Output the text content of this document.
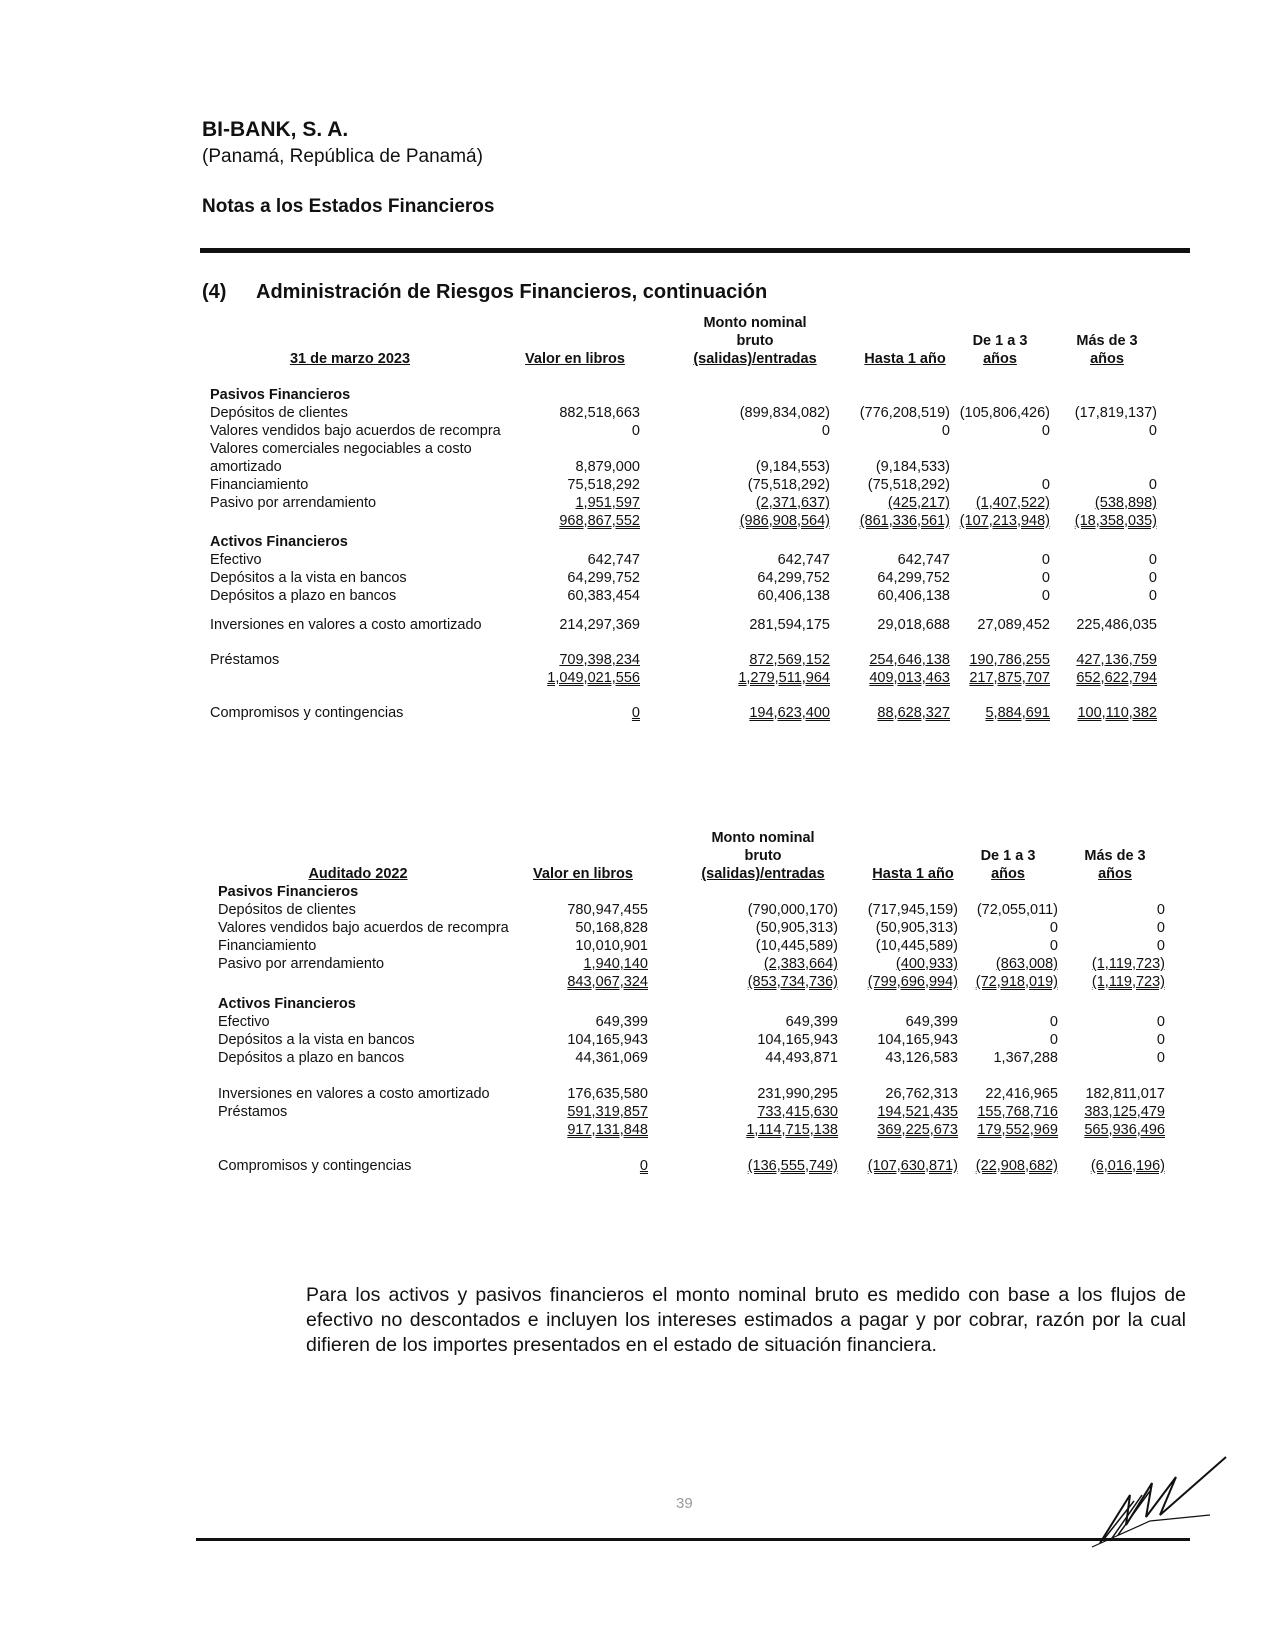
BI-BANK, S. A.
(Panamá, República de Panamá)
Notas a los Estados Financieros
(4) Administración de Riesgos Financieros, continuación
31 de marzo 2023	Valor en libros
Monto nominal
bruto
(salidas)/entradas	Hasta 1 año
De 1 a 3
años
Más de 3
años
Pasivos Financieros
Depósitos de clientes	882,518,663	(899,834,082)	(776,208,519) (105,806,426)	(17,819,137)
Valores vendidos bajo acuerdos de recompra	0	0	0	0	0
Valores comerciales negociables a costo
amortizado	8,879,000	(9,184,553)	(9,184,533)
Financiamiento	75,518,292	(75,518,292)	(75,518,292)	0	0
Pasivo por arrendamiento	1,951,597	(2,371,637)	(425,217)	(1,407,522)	(538,898)
968,867,552	(986,908,564)	(861,336,561) (107,213,948)	(18,358,035)
Activos Financieros
Efectivo	642,747	642,747	642,747	0	0
Depósitos a la vista en bancos	64,299,752	64,299,752	64,299,752	0	0
Depósitos a plazo en bancos	60,383,454	60,406,138	60,406,138	0	0
Inversiones en valores a costo amortizado	214,297,369	281,594,175	29,018,688	27,089,452	225,486,035
Préstamos	709,398,234	872,569,152	254,646,138	190,786,255	427,136,759
1,049,021,556	1,279,511,964	409,013,463	217,875,707	652,622,794
Compromisos y contingencias	0	194,623,400	88,628,327	5,884,691	100,110,382
Auditado 2022	Valor en libros
Monto nominal
bruto
(salidas)/entradas	Hasta 1 año
De 1 a 3
años
Más de 3
años
Pasivos Financieros
Depósitos de clientes	780,947,455	(790,000,170)	(717,945,159)	(72,055,011)	0
Valores vendidos bajo acuerdos de recompra	50,168,828	(50,905,313)	(50,905,313)	0	0
Financiamiento	10,010,901	(10,445,589)	(10,445,589)	0	0
Pasivo por arrendamiento	1,940,140	(2,383,664)	(400,933)	(863,008)	(1,119,723)
843,067,324	(853,734,736)	(799,696,994)	(72,918,019)	(1,119,723)
Activos Financieros
Efectivo	649,399	649,399	649,399	0	0
Depósitos a la vista en bancos	104,165,943	104,165,943	104,165,943	0	0
Depósitos a plazo en bancos	44,361,069	44,493,871	43,126,583	1,367,288	0
Inversiones en valores a costo amortizado	176,635,580	231,990,295	26,762,313	22,416,965	182,811,017
Préstamos	591,319,857	733,415,630	194,521,435	155,768,716	383,125,479
917,131,848	1,114,715,138	369,225,673	179,552,969	565,936,496
Compromisos y contingencias	0	(136,555,749)	(107,630,871)	(22,908,682)	(6,016,196)
Para los activos y pasivos financieros el monto nominal bruto es medido con base a los flujos de efectivo no descontados e incluyen los intereses estimados a pagar y por cobrar, razón por la cual difieren de los importes presentados en el estado de situación financiera.
39
